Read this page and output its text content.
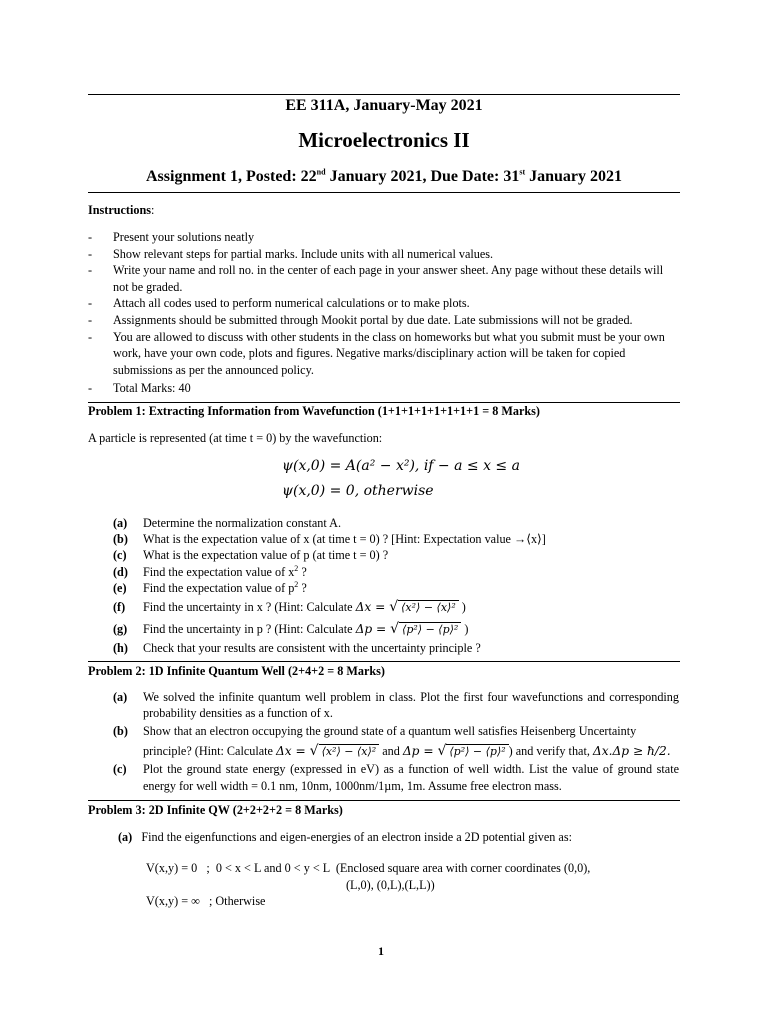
EE 311A, January-May 2021
Microelectronics II
Assignment 1, Posted: 22nd January 2021, Due Date: 31st January 2021
Instructions:
- Present your solutions neatly
- Show relevant steps for partial marks. Include units with all numerical values.
- Write your name and roll no. in the center of each page in your answer sheet. Any page without these details will not be graded.
- Attach all codes used to perform numerical calculations or to make plots.
- Assignments should be submitted through Mookit portal by due date. Late submissions will not be graded.
- You are allowed to discuss with other students in the class on homeworks but what you submit must be your own work, have your own code, plots and figures. Negative marks/disciplinary action will be taken for copied submissions as per the announced policy.
- Total Marks: 40
Problem 1: Extracting Information from Wavefunction (1+1+1+1+1+1+1+1 = 8 Marks)
A particle is represented (at time t = 0) by the wavefunction:
ψ(x,0) = A(a² − x²), if − a ≤ x ≤ a
ψ(x,0) = 0, otherwise
(a) Determine the normalization constant A.
(b) What is the expectation value of x (at time t = 0) ? [Hint: Expectation value →⟨x⟩]
(c) What is the expectation value of p (at time t = 0) ?
(d) Find the expectation value of $x^2$ ?
(e) Find the expectation value of $p^2$ ?
(f) Find the uncertainty in x ? (Hint: Calculate Δx = √ ⟨x²⟩ − ⟨x⟩² )
(g) Find the uncertainty in p ? (Hint: Calculate Δp = √ ⟨p²⟩ − ⟨p⟩² )
(h) Check that your results are consistent with the uncertainty principle ?
Problem 2: 1D Infinite Quantum Well (2+4+2 = 8 Marks)
(a) We solved the infinite quantum well problem in class. Plot the first four wavefunctions and corresponding probability densities as a function of x.
(b) Show that an electron occupying the ground state of a quantum well satisfies Heisenberg Uncertainty
principle? (Hint: Calculate Δx = √ ⟨x²⟩ − ⟨x⟩² and Δp = √ ⟨p²⟩ − ⟨p⟩² ) and verify that, Δx.Δp ≥ ħ/2.
(c) Plot the ground state energy (expressed in eV) as a function of well width. List the value of ground state energy for well width = 0.1 nm, 10nm, 1000nm/1µm, 1m. Assume free electron mass.
Problem 3: 2D Infinite QW (2+2+2+2 = 8 Marks)
(a) Find the eigenfunctions and eigen-energies of an electron inside a 2D potential given as:
V(x,y) = 0   ;  0 < x < L and 0 < y < L  (Enclosed square area with corner coordinates (0,0),
(L,0), (0,L),(L,L))
V(x,y) = ∞   ; Otherwise
1
